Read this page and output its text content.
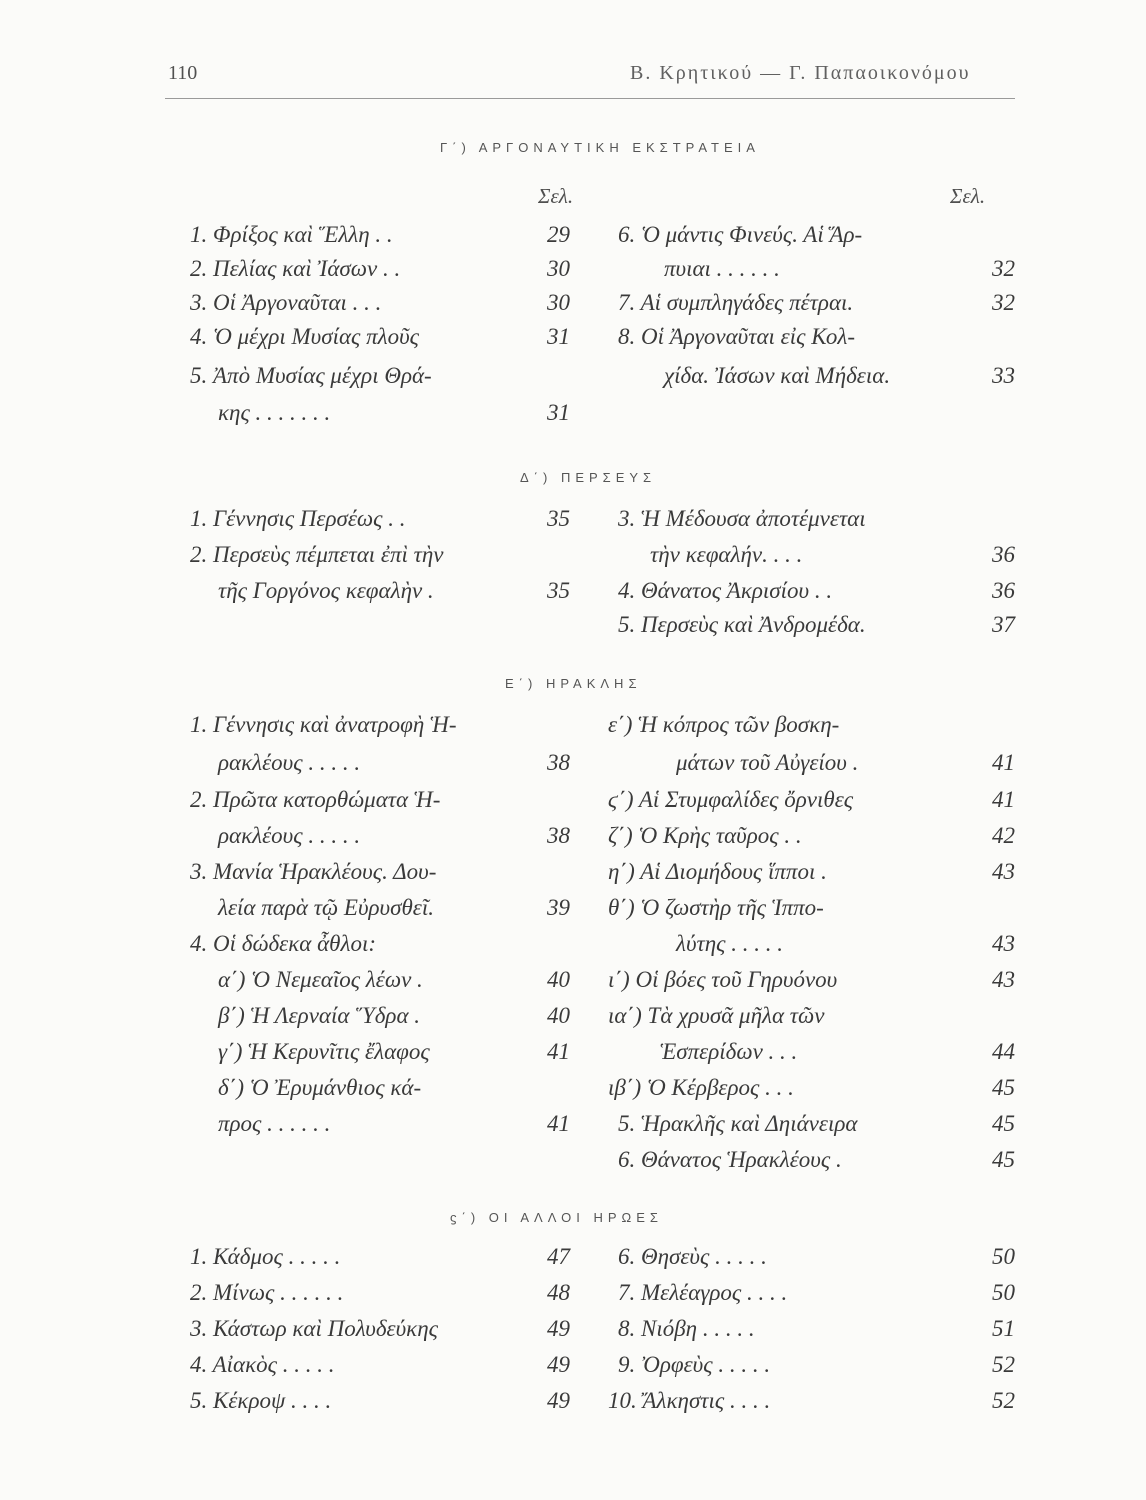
110	Β. Κρητικού — Γ. Παπαοικονόμου
Γ΄) ΑΡΓΟΝΑΥΤΙΚΗ ΕΚΣΤΡΑΤΕΙΑ
Σελ.	Σελ.
1. Φρίξος καὶ Ἕλλη . .	29
2. Πελίας καὶ Ἰάσων . .	30
3. Οἱ Ἀργοναῦται . . .	30
4. Ὁ μέχρι Μυσίας πλοῦς	31
5. Ἀπὸ Μυσίας μέχρι Θρά-
κης . . . . . . .	31
6. Ὁ μάντις Φινεύς. Αἱ Ἅρ-
πυιαι . . . . . .	32
7. Αἱ συμπληγάδες πέτραι.	32
8. Οἱ Ἀργοναῦται εἰς Κολ-
χίδα. Ἰάσων καὶ Μήδεια.	33
Δ΄) ΠΕΡΣΕΥΣ
1. Γέννησις Περσέως . .	35
2. Περσεὺς πέμπεται ἐπὶ τὴν
τῆς Γοργόνος κεφαλὴν .	35
3. Ἡ Μέδουσα ἀποτέμνεται
τὴν κεφαλήν. . . .	36
4. Θάνατος Ἀκρισίου . .	36
5. Περσεὺς καὶ Ἀνδρομέδα.	37
Ε΄) ΗΡΑΚΛΗΣ
1. Γέννησις καὶ ἀνατροφὴ Ἡ-
ρακλέους . . . . .	38
2. Πρῶτα κατορθώματα Ἡ-
ρακλέους . . . . .	38
3. Μανία Ἡρακλέους. Δου-
λεία παρὰ τῷ Εὐρυσθεῖ.	39
4. Οἱ δώδεκα ἆθλοι:
α΄) Ὁ Νεμεαῖος λέων .	40
β΄) Ἡ Λερναία Ὕδρα .	40
γ΄) Ἡ Κερυνῖτις ἔλαφος	41
δ΄) Ὁ Ἐρυμάνθιος κά-
προς . . . . . .	41
ε΄) Ἡ κόπρος τῶν βοσκη-
μάτων τοῦ Αὐγείου .	41
ϛ΄) Αἱ Στυμφαλίδες ὄρνιθες	41
ζ΄) Ὁ Κρὴς ταῦρος . .	42
η΄) Αἱ Διομήδους ἵπποι .	43
θ΄) Ὁ ζωστὴρ τῆς Ἱππο-
λύτης . . . . .	43
ι΄) Οἱ βόες τοῦ Γηρυόνου	43
ια΄) Τὰ χρυσᾶ μῆλα τῶν
Ἑσπερίδων . . .	44
ιβ΄) Ὁ Κέρβερος . . .	45
5. Ἡρακλῆς καὶ Δηιάνειρα	45
6. Θάνατος Ἡρακλέους .	45
ϛ΄) ΟΙ ΑΛΛΟΙ ΗΡΩΕΣ
1. Κάδμος . . . . .	47
2. Μίνως . . . . . .	48
3. Κάστωρ καὶ Πολυδεύκης	49
4. Αἰακὸς . . . . .	49
5. Κέκροψ . . . .	49
6. Θησεὺς . . . . .	50
7. Μελέαγρος . . . .	50
8. Νιόβη . . . . .	51
9. Ὀρφεὺς . . . . .	52
10. Ἄλκηστις . . . .	52
